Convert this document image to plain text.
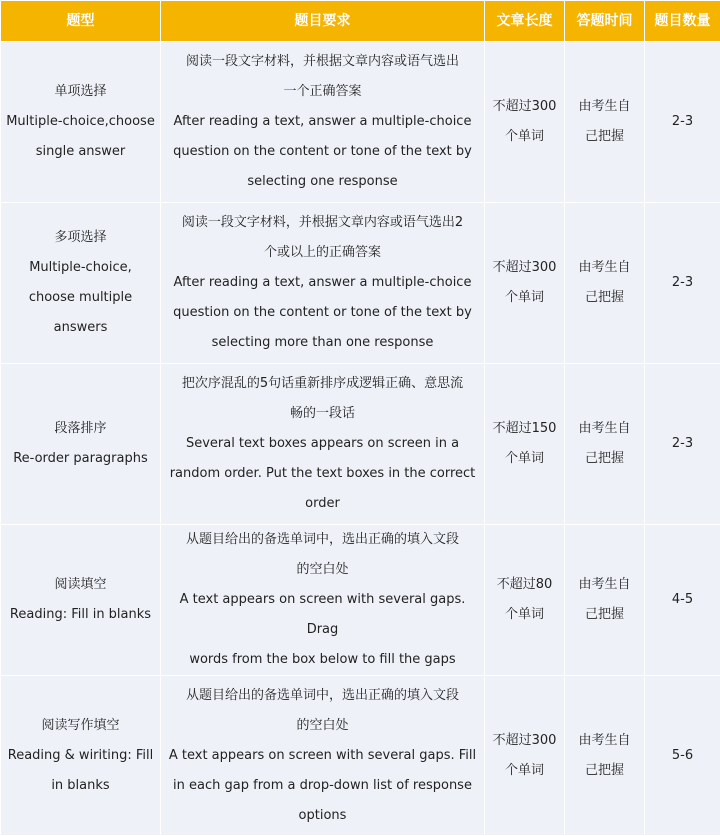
题型	题目要求	文章长度	答题时间	题目数量

单项选择
Multiple-choice,choose
single answer	阅读一段文字材料，并根据文章内容或语气选出
一个正确答案
After reading a text, answer a multiple-choice
question on the content or tone of the text by
selecting one response	不超过300
个单词	由考生自
己把握	2-3

多项选择
Multiple-choice,
choose multiple
answers	阅读一段文字材料，并根据文章内容或语气选出2
个或以上的正确答案
After reading a text, answer a multiple-choice
question on the content or tone of the text by
selecting more than one response	不超过300
个单词	由考生自
己把握	2-3

段落排序
Re-order paragraphs	把次序混乱的5句话重新排序成逻辑正确、意思流
畅的一段话
Several text boxes appears on screen in a
random order. Put the text boxes in the correct
order	不超过150
个单词	由考生自
己把握	2-3

阅读填空
Reading: Fill in blanks	从题目给出的备选单词中，选出正确的填入文段
的空白处
A text appears on screen with several gaps. Drag
words from the box below to fill the gaps	不超过80
个单词	由考生自
己把握	4-5

阅读写作填空
Reading & wiriting: Fill
in blanks	从题目给出的备选单词中，选出正确的填入文段
的空白处
A text appears on screen with several gaps. Fill
in each gap from a drop-down list of response
options	不超过300
个单词	由考生自
己把握	5-6
